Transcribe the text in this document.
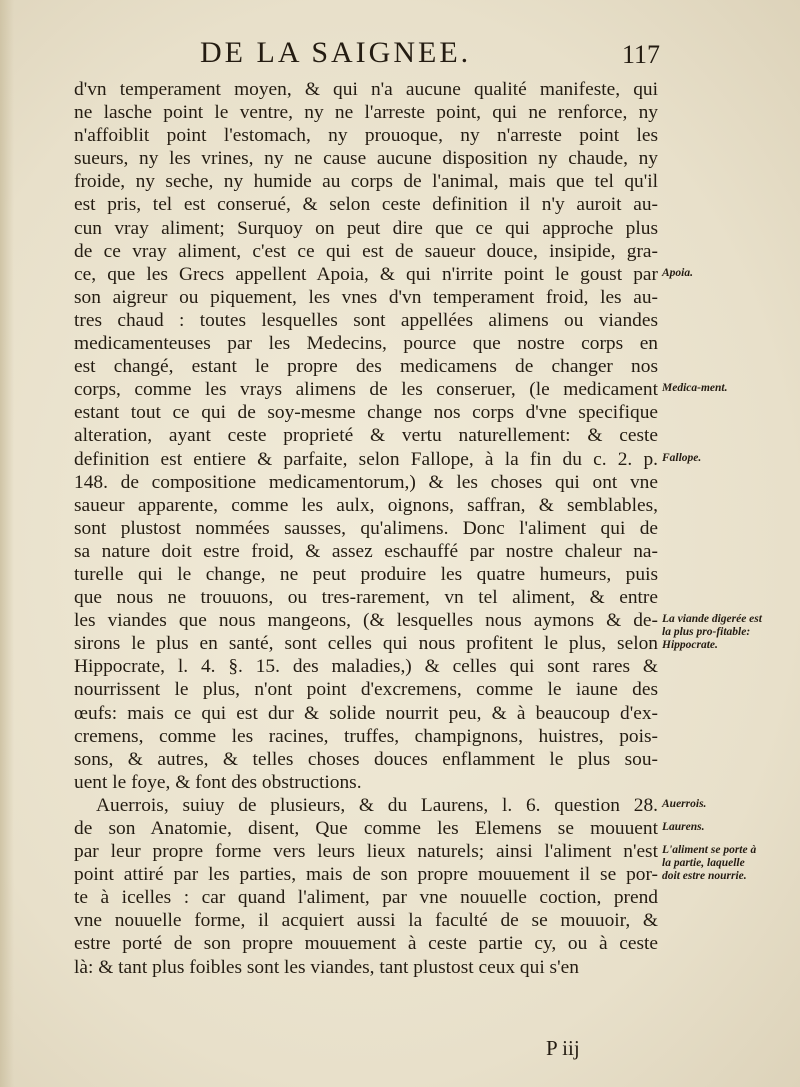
DE LA SAIGNEE.	117
d'vn temperament moyen, & qui n'a aucune qualité manifeste, qui
ne lasche point le ventre, ny ne l'arreste point, qui ne renforce, ny
n'affoiblit point l'estomach, ny prouoque, ny n'arreste point les
sueurs, ny les vrines, ny ne cause aucune disposition ny chaude, ny
froide, ny seche, ny humide au corps de l'animal, mais que tel qu'il
est pris, tel est conserué, & selon ceste definition il n'y auroit au-
cun vray aliment; Surquoy on peut dire que ce qui approche plus
de ce vray aliment, c'est ce qui est de saueur douce, insipide, gra-
ce, que les Grecs appellent Apoia, & qui n'irrite point le goust par
son aigreur ou piquement, les vnes d'vn temperament froid, les au-
tres chaud : toutes lesquelles sont appellées alimens ou viandes
medicamenteuses par les Medecins, pource que nostre corps en
est changé, estant le propre des medicamens de changer nos
corps, comme les vrays alimens de les conseruer, (le medicament
estant tout ce qui de soy-mesme change nos corps d'vne specifique
alteration, ayant ceste proprieté & vertu naturellement: & ceste
definition est entiere & parfaite, selon Fallope, à la fin du c. 2. p.
148. de compositione medicamentorum,) & les choses qui ont vne
saueur apparente, comme les aulx, oignons, saffran, & semblables,
sont plustost nommées sausses, qu'alimens. Donc l'aliment qui de
sa nature doit estre froid, & assez eschauffé par nostre chaleur na-
turelle qui le change, ne peut produire les quatre humeurs, puis
que nous ne trouuons, ou tres-rarement, vn tel aliment, & entre
les viandes que nous mangeons, (& lesquelles nous aymons & de-
sirons le plus en santé, sont celles qui nous profitent le plus, selon
Hippocrate, l. 4. §. 15. des maladies,) & celles qui sont rares &
nourrissent le plus, n'ont point d'excremens, comme le iaune des
œufs: mais ce qui est dur & solide nourrit peu, & à beaucoup d'ex-
cremens, comme les racines, truffes, champignons, huistres, pois-
sons, & autres, & telles choses douces enflamment le plus sou-
uent le foye, & font des obstructions.
Auerrois, suiuy de plusieurs, & du Laurens, l. 6. question 28.
de son Anatomie, disent, Que comme les Elemens se mouuent
par leur propre forme vers leurs lieux naturels; ainsi l'aliment n'est
point attiré par les parties, mais de son propre mouuement il se por-
te à icelles : car quand l'aliment, par vne nouuelle coction, prend
vne nouuelle forme, il acquiert aussi la faculté de se mouuoir, &
estre porté de son propre mouuement à ceste partie cy, ou à ceste
là: & tant plus foibles sont les viandes, tant plustost ceux qui s'en
Apoia.
Medica-ment.
Fallope.
La viande digerée est la plus pro-fitable: Hippocrate.
Auerrois.
Laurens.
L'aliment se porte à la partie, laquelle doit estre nourrie.
P iij
